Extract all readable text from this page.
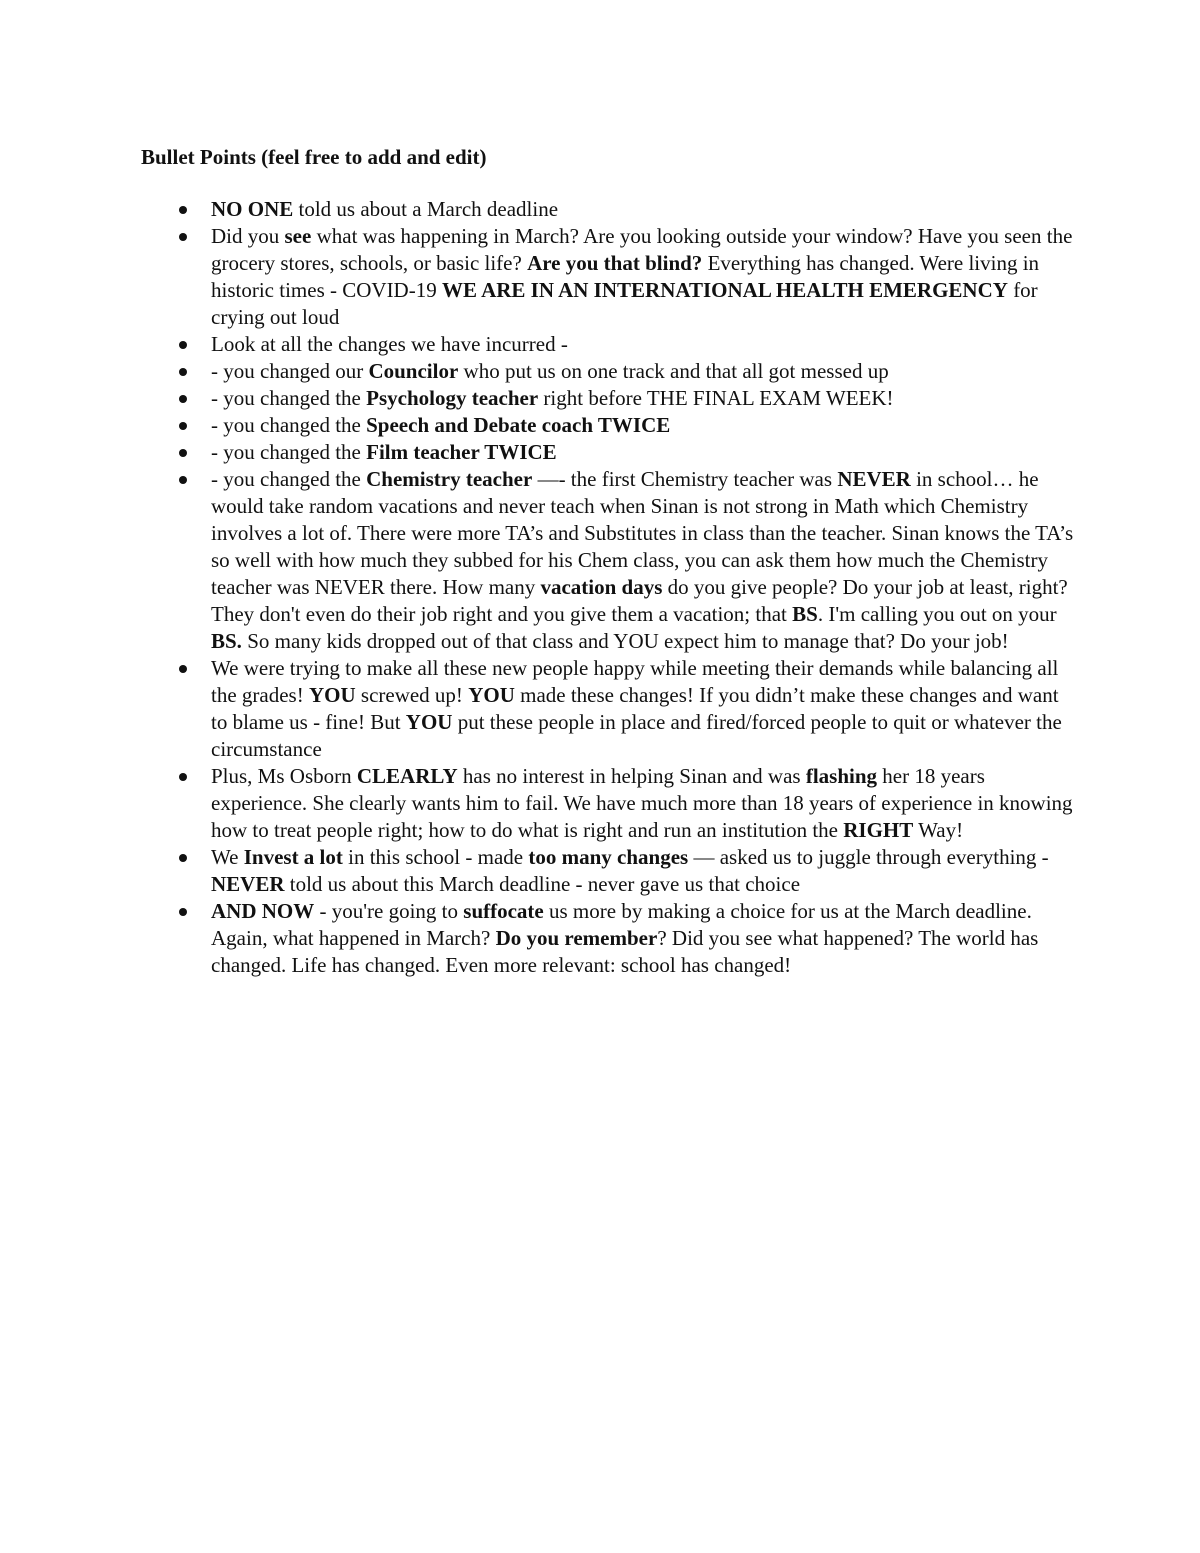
Bullet Points (feel free to add and edit)
NO ONE told us about a March deadline
Did you see what was happening in March? Are you looking outside your window? Have you seen the grocery stores, schools, or basic life? Are you that blind? Everything has changed. Were living in historic times - COVID-19 WE ARE IN AN INTERNATIONAL HEALTH EMERGENCY for crying out loud
Look at all the changes we have incurred -
- you changed our Councilor who put us on one track and that all got messed up
- you changed the Psychology teacher right before THE FINAL EXAM WEEK!
- you changed the Speech and Debate coach TWICE
- you changed the Film teacher TWICE
- you changed the Chemistry teacher —- the first Chemistry teacher was NEVER in school… he would take random vacations and never teach when Sinan is not strong in Math which Chemistry involves a lot of. There were more TA’s and Substitutes in class than the teacher. Sinan knows the TA’s so well with how much they subbed for his Chem class, you can ask them how much the Chemistry teacher was NEVER there. How many vacation days do you give people? Do your job at least, right? They don't even do their job right and you give them a vacation; that BS. I'm calling you out on your BS. So many kids dropped out of that class and YOU expect him to manage that? Do your job!
We were trying to make all these new people happy while meeting their demands while balancing all the grades! YOU screwed up! YOU made these changes! If you didn’t make these changes and want to blame us - fine! But YOU put these people in place and fired/forced people to quit or whatever the circumstance
Plus, Ms Osborn CLEARLY has no interest in helping Sinan and was flashing her 18 years experience. She clearly wants him to fail. We have much more than 18 years of experience in knowing how to treat people right; how to do what is right and run an institution the RIGHT Way!
We Invest a lot in this school - made too many changes — asked us to juggle through everything - NEVER told us about this March deadline - never gave us that choice
AND NOW - you're going to suffocate us more by making a choice for us at the March deadline. Again, what happened in March? Do you remember? Did you see what happened? The world has changed. Life has changed. Even more relevant: school has changed!
